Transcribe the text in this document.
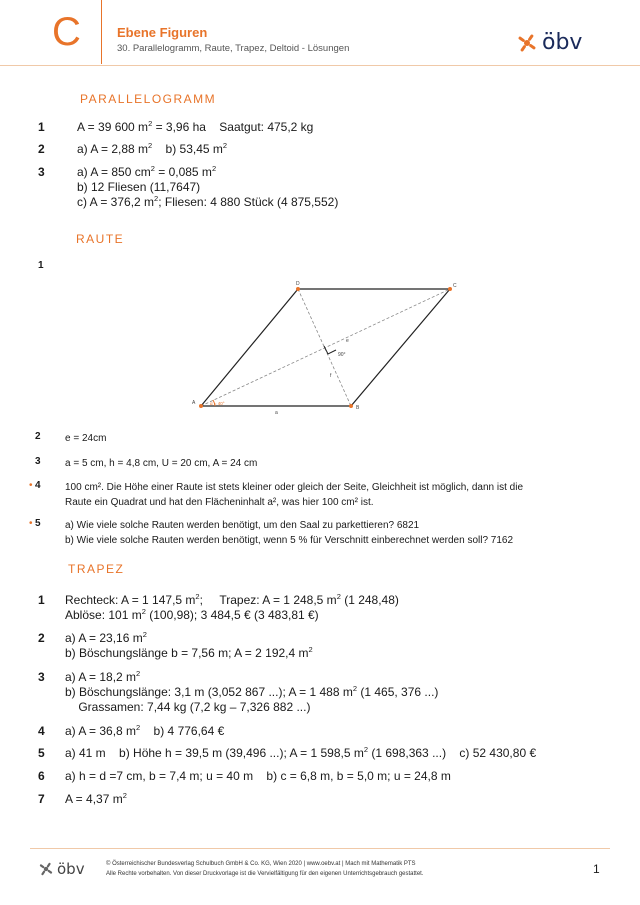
C	Ebene Figuren
30. Parallelogramm, Raute, Trapez, Deltoid - Lösungen	öbv
PARALLELOGRAMM
1	A = 39 600 $m^2 = 3,96$ ha    Saatgut: 475,2 kg
2	a) A = 2,88 $m^2$    b) 53,45 $m^2$
3	a) A = 850 $cm^2 = 0,085$ $m^2$
b) 12 Fliesen (11,7647)
c) A = 376,2 $m^2$; Fliesen: 4 880 Stück (4 875,552)
RAUTE
1
A
B
C
D
e
f
a
90°
α = 40°
2 e = 24cm
3 a = 5 cm, h = 4,8 cm, U = 20 cm, A = 24 cm
• 4 100 cm². Die Höhe einer Raute ist stets kleiner oder gleich der Seite, Gleichheit ist möglich, dann ist die
Raute ein Quadrat und hat den Flächeninhalt a², was hier 100 cm² ist.
• 5 a) Wie viele solche Rauten werden benötigt, um den Saal zu parkettieren? 6821
b) Wie viele solche Rauten werden benötigt, wenn 5 % für Verschnitt einberechnet werden soll? 7162
TRAPEZ
1 Rechteck: A = 1 147,5 $m^2$;     Trapez: A = 1 248,5 $m^2$ (1 248,48)
Ablöse: 101 $m^2$ (100,98); 3 484,5 € (3 483,81 €)
2 a) A = 23,16 $m^2$
b) Böschungslänge b = 7,56 m; A = 2 192,4 $m^2$
3 a) A = 18,2 $m^2$
b) Böschungslänge: 3,1 m (3,052 867 ...); A = 1 488 $m^2$ (1 465, 376 ...)
Grassamen: 7,44 kg (7,2 kg – 7,326 882 ...)
4 a) A = 36,8 $m^2$    b) 4 776,64 €
5 a) 41 m    b) Höhe h = 39,5 m (39,496 ...); A = 1 598,5 $m^2$ (1 698,363 ...)    c) 52 430,80 €
6 a) h = d =7 cm, b = 7,4 m; u = 40 m    b) c = 6,8 m, b = 5,0 m; u = 24,8 m
7 A = 4,37 $m^2$
öbv	© Österreichischer Bundesverlag Schulbuch GmbH & Co. KG, Wien 2020 | www.oebv.at | Mach mit Mathematik PTS
Alle Rechte vorbehalten. Von dieser Druckvorlage ist die Vervielfältigung für den eigenen Unterrichtsgebrauch gestattet.	1
